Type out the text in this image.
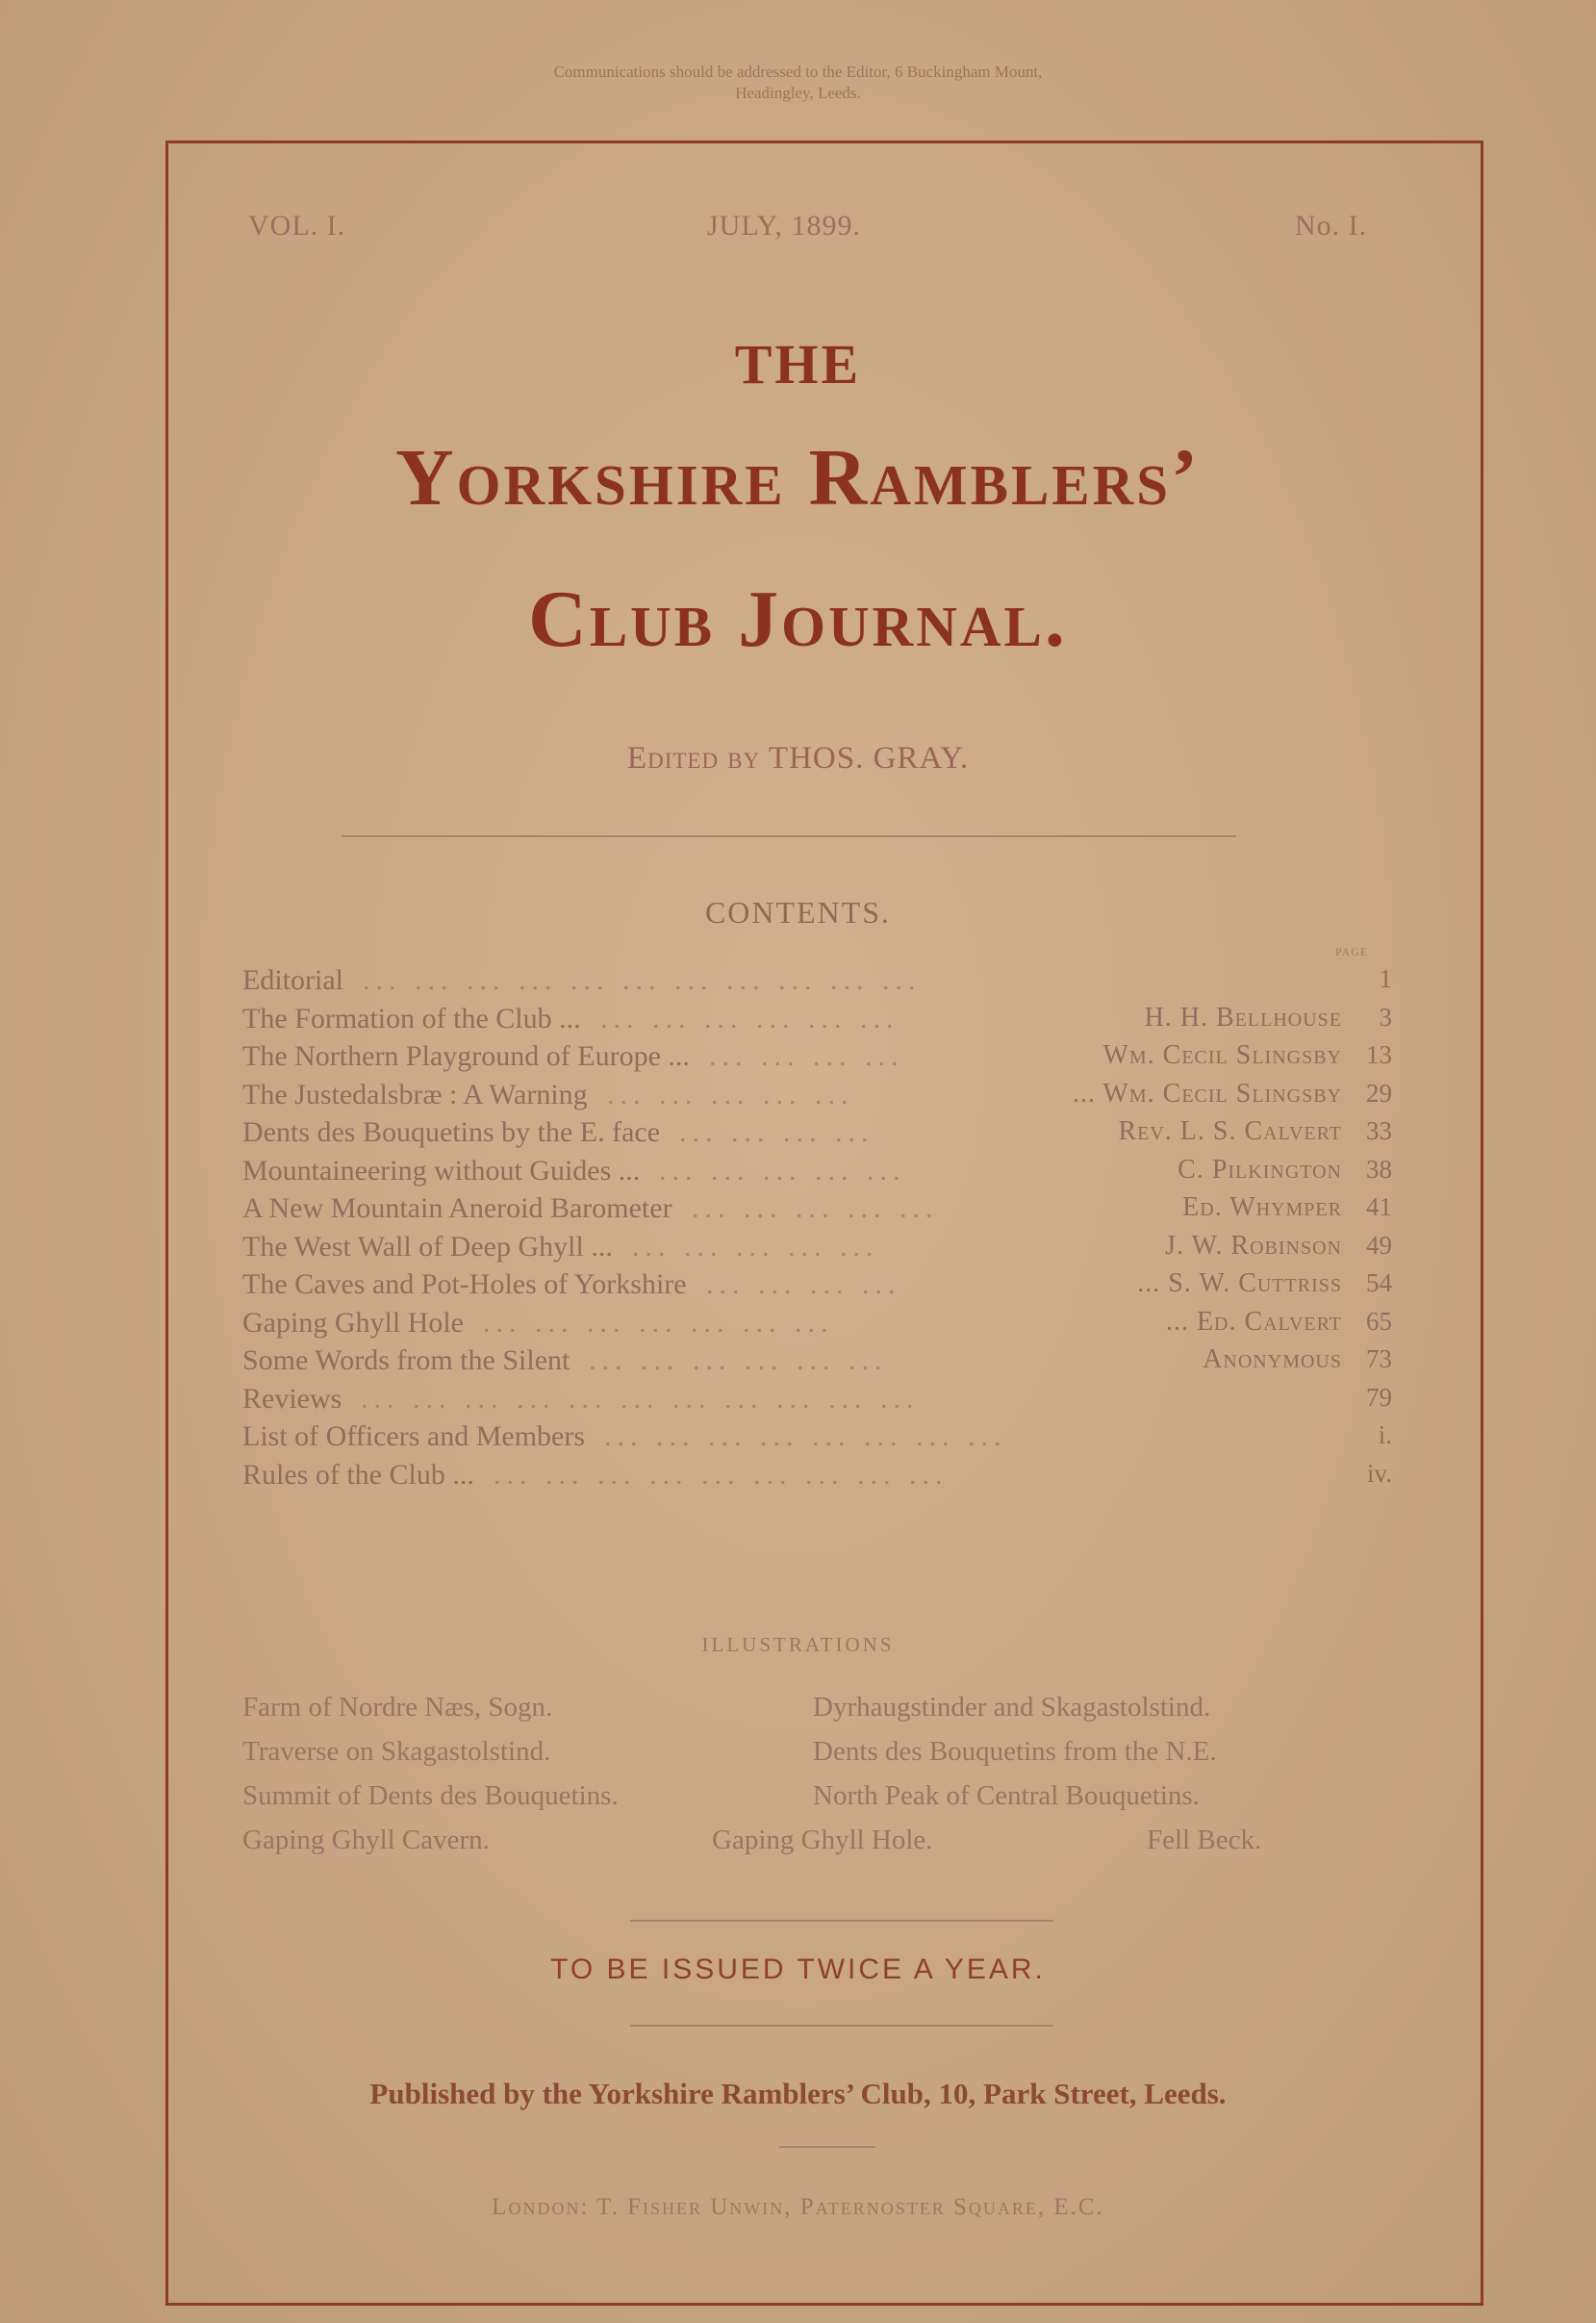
Communications should be addressed to the Editor, 6 Buckingham Mount,
Headingley, Leeds.
VOL. I.	JULY, 1899.	No. I.
THE
Yorkshire Ramblers’
Club Journal.
Edited by THOS. GRAY.
CONTENTS.
PAGE
Editorial	1
... ... ... ... ... ... ... ... ... ... ...
The Formation of the Club ...	H. H. Bellhouse	3
... ... ... ... ... ...
The Northern Playground of Europe ...	Wm. Cecil Slingsby 13
... ... ... ...
The Justedalsbræ : A Warning	... Wm. Cecil Slingsby 29
... ... ... ... ...
Dents des Bouquetins by the E. face	Rev. L. S. Calvert 33
... ... ... ...
Mountaineering without Guides ...	C. Pilkington 38
... ... ... ... ...
A New Mountain Aneroid Barometer	Ed. Whymper 41
... ... ... ... ...
The West Wall of Deep Ghyll ...	J. W. Robinson 49
... ... ... ... ...
The Caves and Pot-Holes of Yorkshire	... S. W. Cuttriss 54
... ... ... ...
Gaping Ghyll Hole	... Ed. Calvert 65
... ... ... ... ... ... ...
Some Words from the Silent	Anonymous 73
... ... ... ... ... ...
Reviews	79
... ... ... ... ... ... ... ... ... ... ...
List of Officers and Members	i.
... ... ... ... ... ... ... ...
Rules of the Club ...	iv.
... ... ... ... ... ... ... ... ...
ILLUSTRATIONS
Farm of Nordre Næs, Sogn.	Dyrhaugstinder and Skagastolstind.
Traverse on Skagastolstind.	Dents des Bouquetins from the N.E.
Summit of Dents des Bouquetins.	North Peak of Central Bouquetins.
Gaping Ghyll Cavern.	Gaping Ghyll Hole.	Fell Beck.
TO BE ISSUED TWICE A YEAR.
Published by the Yorkshire Ramblers’ Club, 10, Park Street, Leeds.
London: T. Fisher Unwin, Paternoster Square, E.C.
